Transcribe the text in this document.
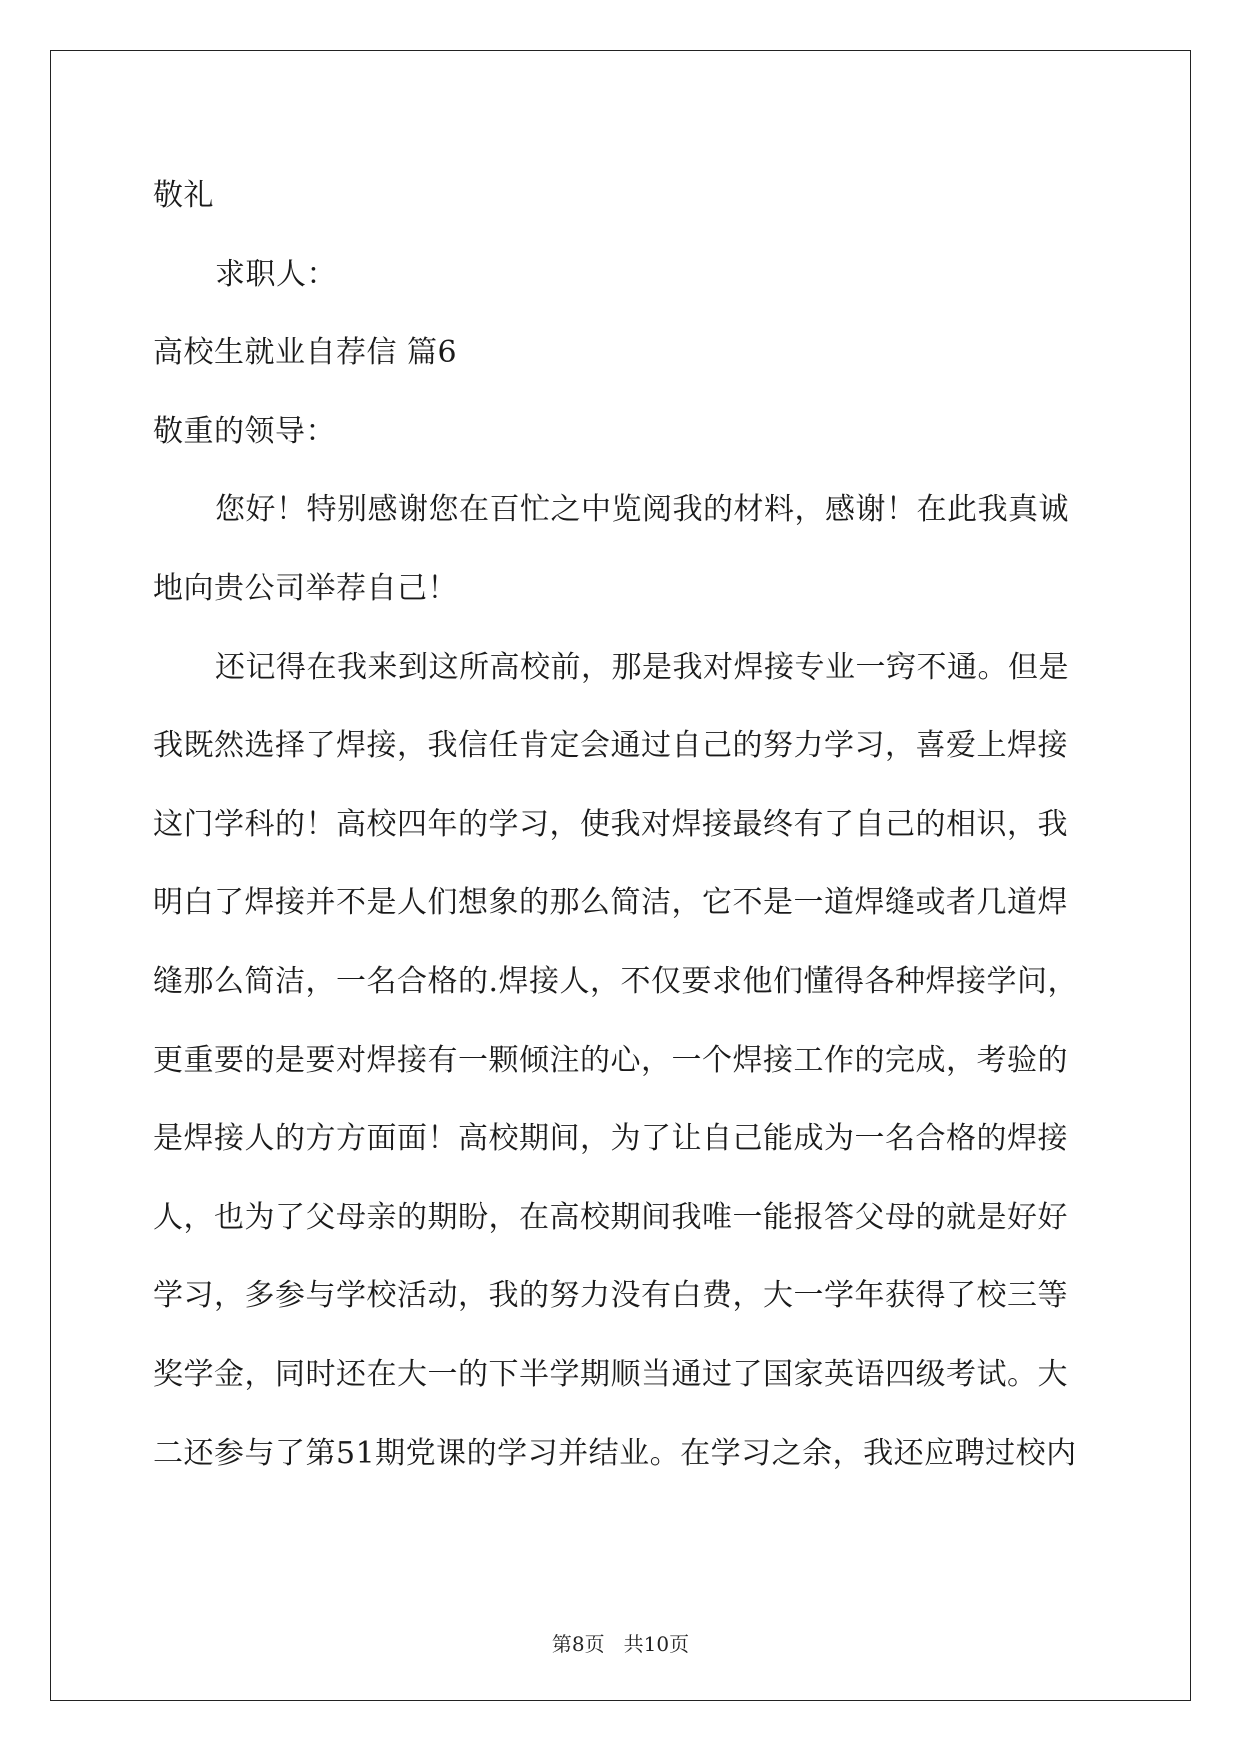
敬礼
求职人：
高校生就业自荐信 篇6
敬重的领导：
您好！特别感谢您在百忙之中览阅我的材料，感谢！在此我真诚
地向贵公司举荐自己！
还记得在我来到这所高校前，那是我对焊接专业一窍不通。但是
我既然选择了焊接，我信任肯定会通过自己的努力学习，喜爱上焊接
这门学科的！高校四年的学习，使我对焊接最终有了自己的相识，我
明白了焊接并不是人们想象的那么简洁，它不是一道焊缝或者几道焊
缝那么简洁，一名合格的.焊接人，不仅要求他们懂得各种焊接学问，
更重要的是要对焊接有一颗倾注的心，一个焊接工作的完成，考验的
是焊接人的方方面面！高校期间，为了让自己能成为一名合格的焊接
人，也为了父母亲的期盼，在高校期间我唯一能报答父母的就是好好
学习，多参与学校活动，我的努力没有白费，大一学年获得了校三等
奖学金，同时还在大一的下半学期顺当通过了国家英语四级考试。大
二还参与了第51期党课的学习并结业。在学习之余，我还应聘过校内
第8页 共10页
